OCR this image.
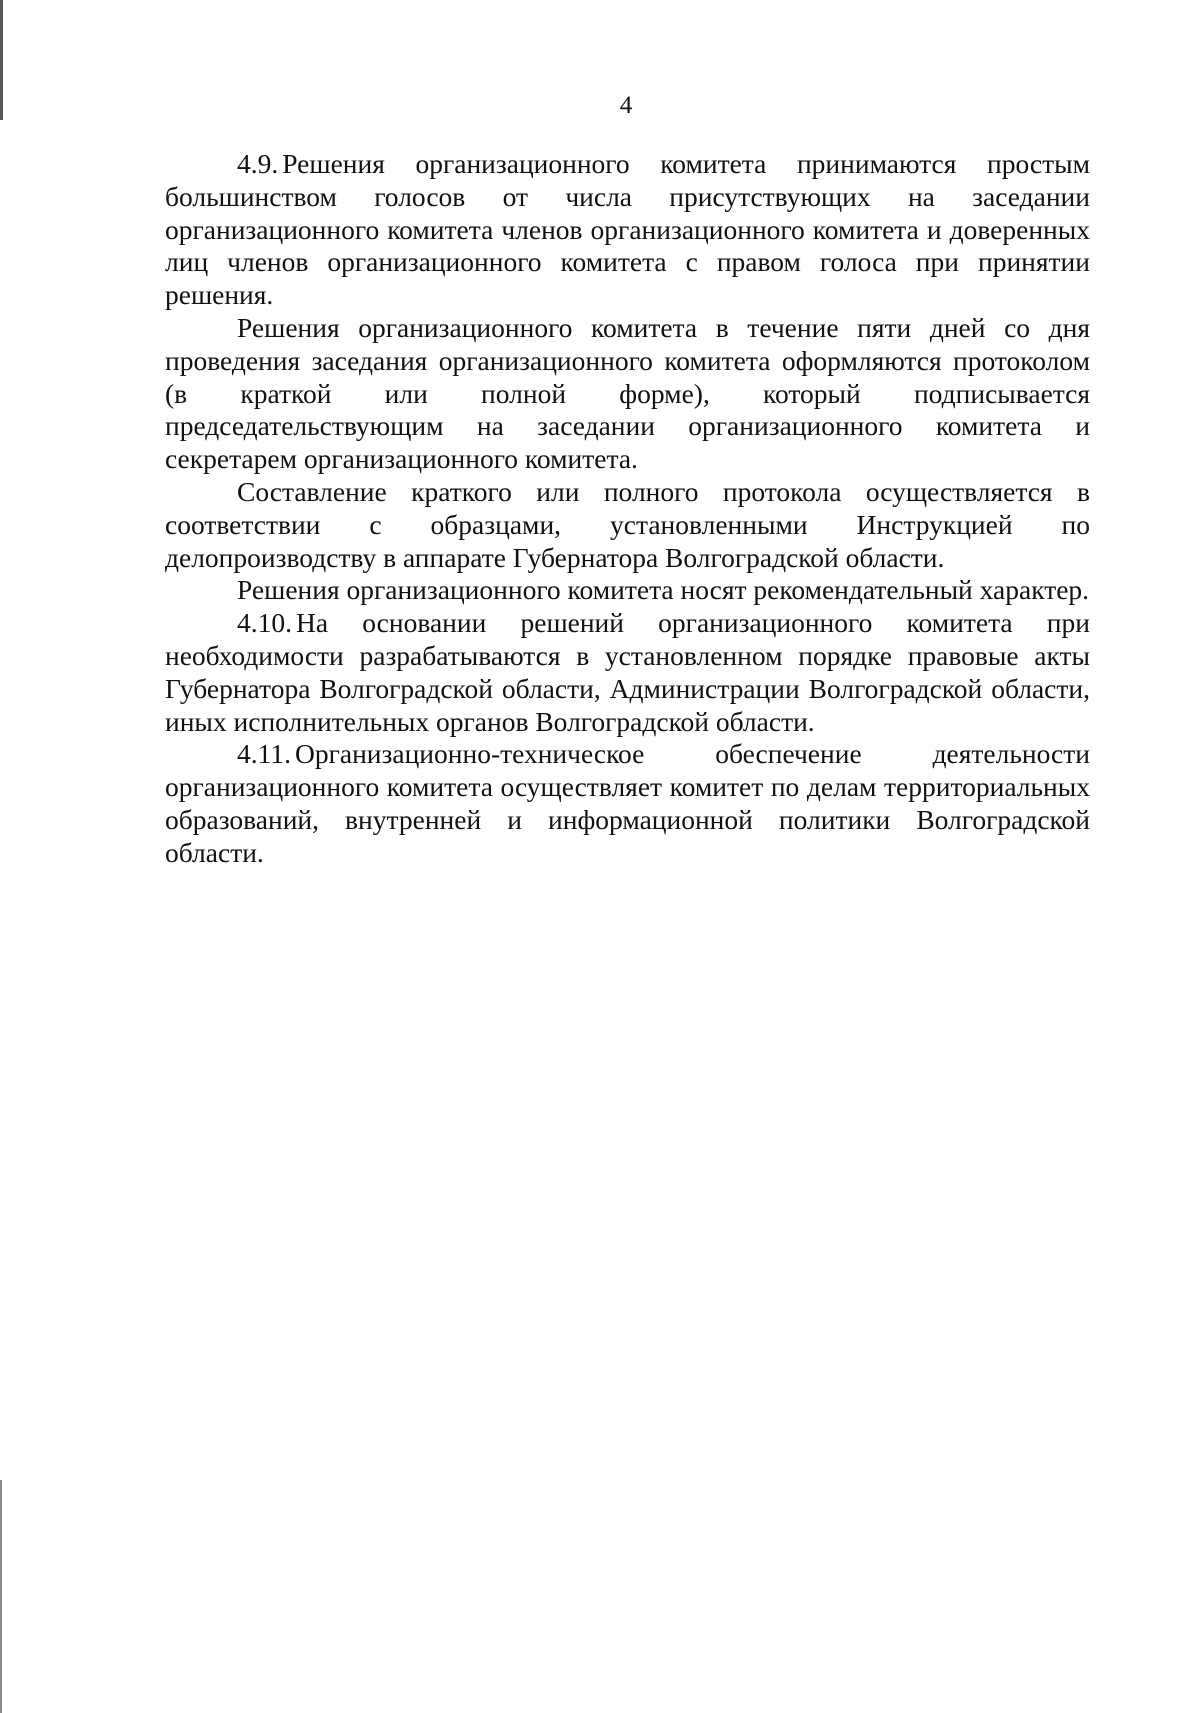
4

4.9. Решения организационного комитета принимаются простым большинством голосов от числа присутствующих на заседании организационного комитета членов организационного комитета и доверенных лиц членов организационного комитета с правом голоса при принятии решения.

Решения организационного комитета в течение пяти дней со дня проведения заседания организационного комитета оформляются протоколом (в краткой или полной форме), который подписывается председательствующим на заседании организационного комитета и секретарем организационного комитета.

Составление краткого или полного протокола осуществляется в соответствии с образцами, установленными Инструкцией по делопроизводству в аппарате Губернатора Волгоградской области.

Решения организационного комитета носят рекомендательный характер.

4.10. На основании решений организационного комитета при необходимости разрабатываются в установленном порядке правовые акты Губернатора Волгоградской области, Администрации Волгоградской области, иных исполнительных органов Волгоградской области.

4.11. Организационно-техническое обеспечение деятельности организационного комитета осуществляет комитет по делам территориальных образований, внутренней и информационной политики Волгоградской области.
